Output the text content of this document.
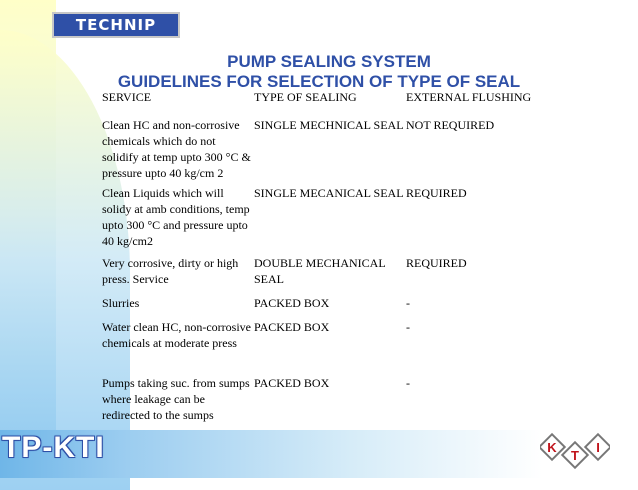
TECHNIP
PUMP SEALING SYSTEM
GUIDELINES FOR SELECTION OF TYPE OF SEAL
SERVICE	TYPE OF SEALING	EXTERNAL FLUSHING
Clean HC and non-corrosive chemicals which do not solidify at temp upto 300 °C & pressure upto 40 kg/cm 2	SINGLE MECHNICAL SEAL	NOT REQUIRED
Clean Liquids which will solidy at amb conditions, temp upto 300 °C and pressure upto 40 kg/cm2	SINGLE MECANICAL SEAL	REQUIRED
Very corrosive, dirty or high press. Service	DOUBLE MECHANICAL SEAL	REQUIRED
Slurries	PACKED BOX	-
Water clean HC, non-corrosive chemicals at moderate press	PACKED BOX	-
Pumps taking suc. from sumps where leakage can be redirected to the sumps	PACKED BOX	-
TP-KTI	K
T
I
